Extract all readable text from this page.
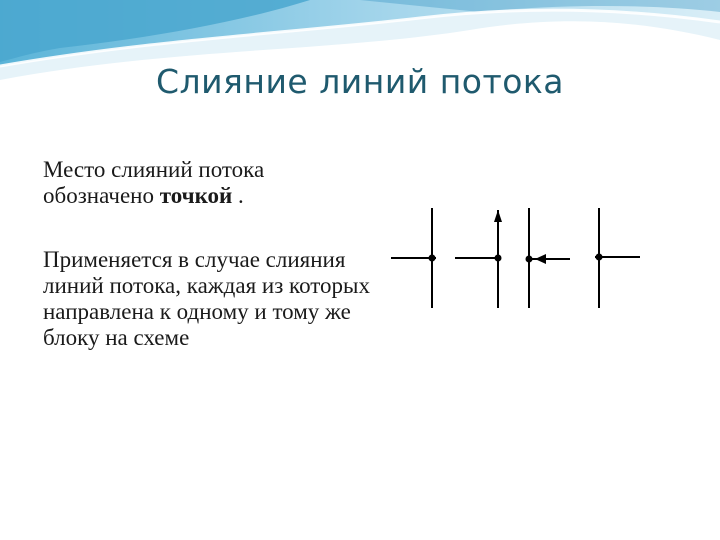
Слияние линий потока

Место слияний потока обозначено точкой .

Применяется в случае слияния линий потока, каждая из которых направлена к одному и тому же блоку на схеме
